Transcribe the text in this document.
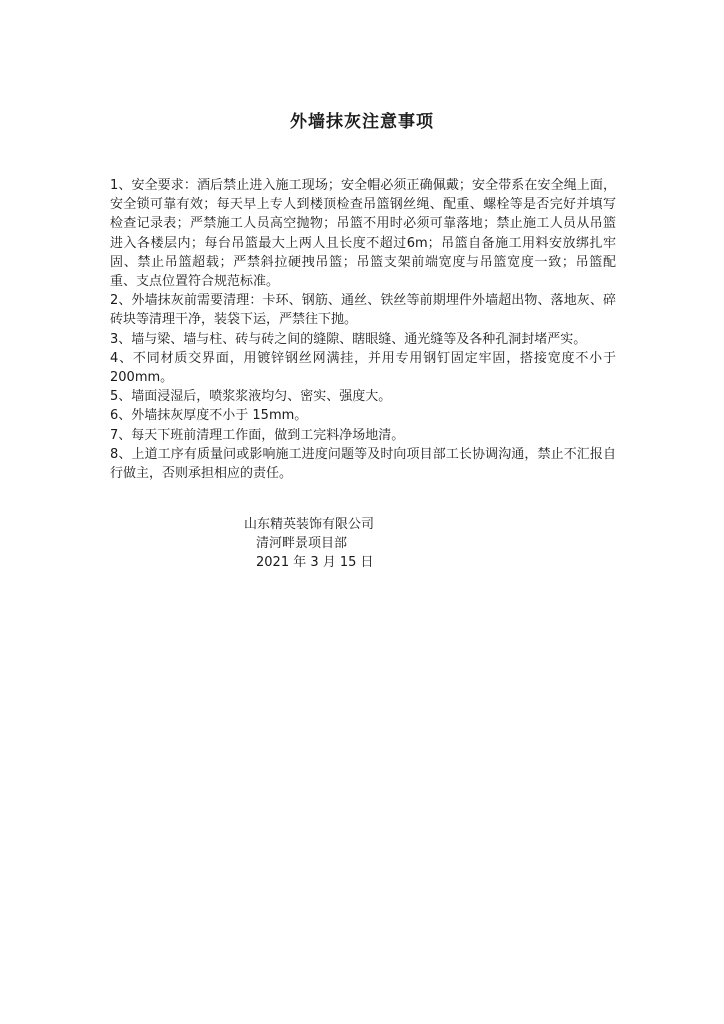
外墙抹灰注意事项

1、安全要求：酒后禁止进入施工现场；安全帽必须正确佩戴；安全带系在安全绳上面，安全锁可靠有效；每天早上专人到楼顶检查吊篮钢丝绳、配重、螺栓等是否完好并填写检查记录表；严禁施工人员高空抛物；吊篮不用时必须可靠落地；禁止施工人员从吊篮进入各楼层内；每台吊篮最大上两人且长度不超过6m；吊篮自备施工用料安放绑扎牢固、禁止吊篮超载；严禁斜拉硬拽吊篮；吊篮支架前端宽度与吊篮宽度一致；吊篮配重、支点位置符合规范标准。

2、外墙抹灰前需要清理：卡环、钢筋、通丝、铁丝等前期埋件外墙超出物、落地灰、碎砖块等清理干净，装袋下运，严禁往下抛。

3、墙与梁、墙与柱、砖与砖之间的缝隙、瞎眼缝、通光缝等及各种孔洞封堵严实。

4、不同材质交界面，用镀锌钢丝网满挂，并用专用钢钉固定牢固，搭接宽度不小于 200mm。

5、墙面浸湿后，喷浆浆液均匀、密实、强度大。

6、外墙抹灰厚度不小于 15mm。

7、每天下班前清理工作面，做到工完料净场地清。

8、上道工序有质量问或影响施工进度问题等及时向项目部工长协调沟通，禁止不汇报自行做主，否则承担相应的责任。

山东精英装饰有限公司
清河畔景项目部
2021 年 3 月 15 日
